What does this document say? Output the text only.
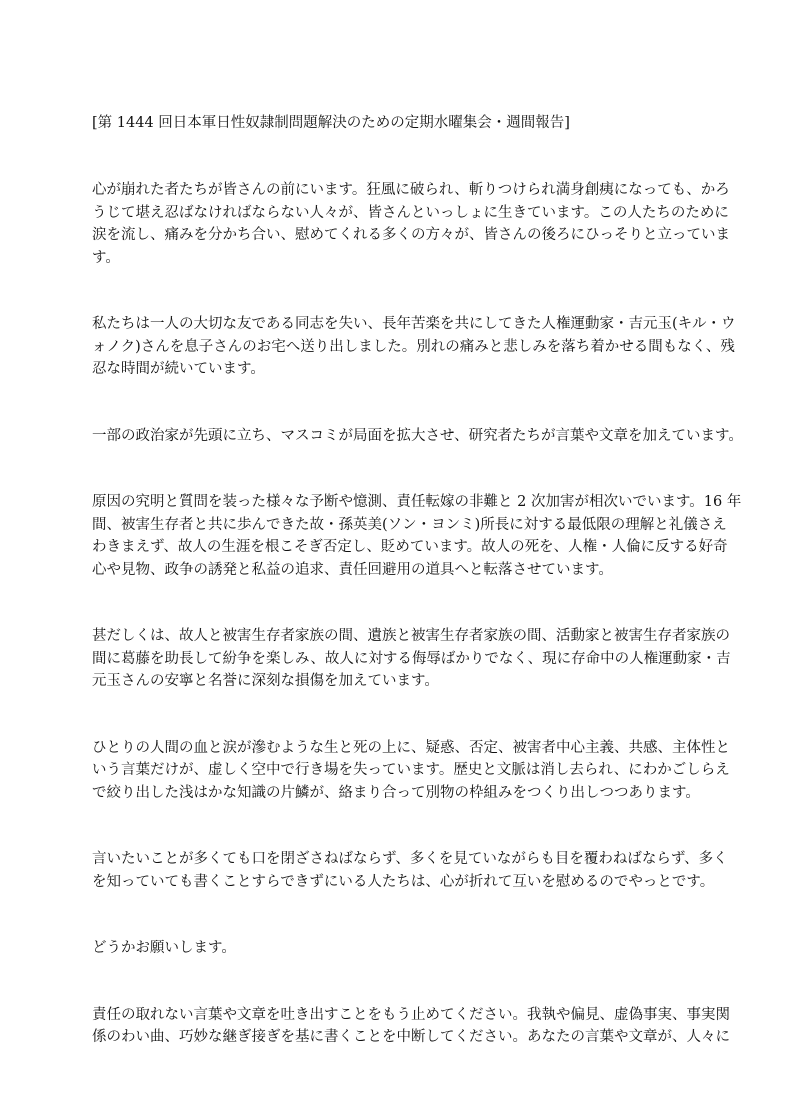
[第 1444 回日本軍日性奴隷制問題解決のための定期水曜集会・週間報告]
心が崩れた者たちが皆さんの前にいます。狂風に破られ、斬りつけられ満身創痍になっても、かろ
うじて堪え忍ばなければならない人々が、皆さんといっしょに生きています。この人たちのために
涙を流し、痛みを分かち合い、慰めてくれる多くの方々が、皆さんの後ろにひっそりと立っていま
す。
私たちは一人の大切な友である同志を失い、長年苦楽を共にしてきた人権運動家・吉元玉(キル・ウ
ォノク)さんを息子さんのお宅へ送り出しました。別れの痛みと悲しみを落ち着かせる間もなく、残
忍な時間が続いています。
一部の政治家が先頭に立ち、マスコミが局面を拡大させ、研究者たちが言葉や文章を加えています。
原因の究明と質問を装った様々な予断や憶測、責任転嫁の非難と 2 次加害が相次いでいます。16 年
間、被害生存者と共に歩んできた故・孫英美(ソン・ヨンミ)所長に対する最低限の理解と礼儀さえ
わきまえず、故人の生涯を根こそぎ否定し、貶めています。故人の死を、人権・人倫に反する好奇
心や見物、政争の誘発と私益の追求、責任回避用の道具へと転落させています。
甚だしくは、故人と被害生存者家族の間、遺族と被害生存者家族の間、活動家と被害生存者家族の
間に葛藤を助長して紛争を楽しみ、故人に対する侮辱ばかりでなく、現に存命中の人権運動家・吉
元玉さんの安寧と名誉に深刻な損傷を加えています。
ひとりの人間の血と涙が滲むような生と死の上に、疑惑、否定、被害者中心主義、共感、主体性と
いう言葉だけが、虚しく空中で行き場を失っています。歴史と文脈は消し去られ、にわかごしらえ
で絞り出した浅はかな知識の片鱗が、絡まり合って別物の枠組みをつくり出しつつあります。
言いたいことが多くても口を閉ざさねばならず、多くを見ていながらも目を覆わねばならず、多く
を知っていても書くことすらできずにいる人たちは、心が折れて互いを慰めるのでやっとです。
どうかお願いします。
責任の取れない言葉や文章を吐き出すことをもう止めてください。我執や偏見、虚偽事実、事実関
係のわい曲、巧妙な継ぎ接ぎを基に書くことを中断してください。あなたの言葉や文章が、人々に
